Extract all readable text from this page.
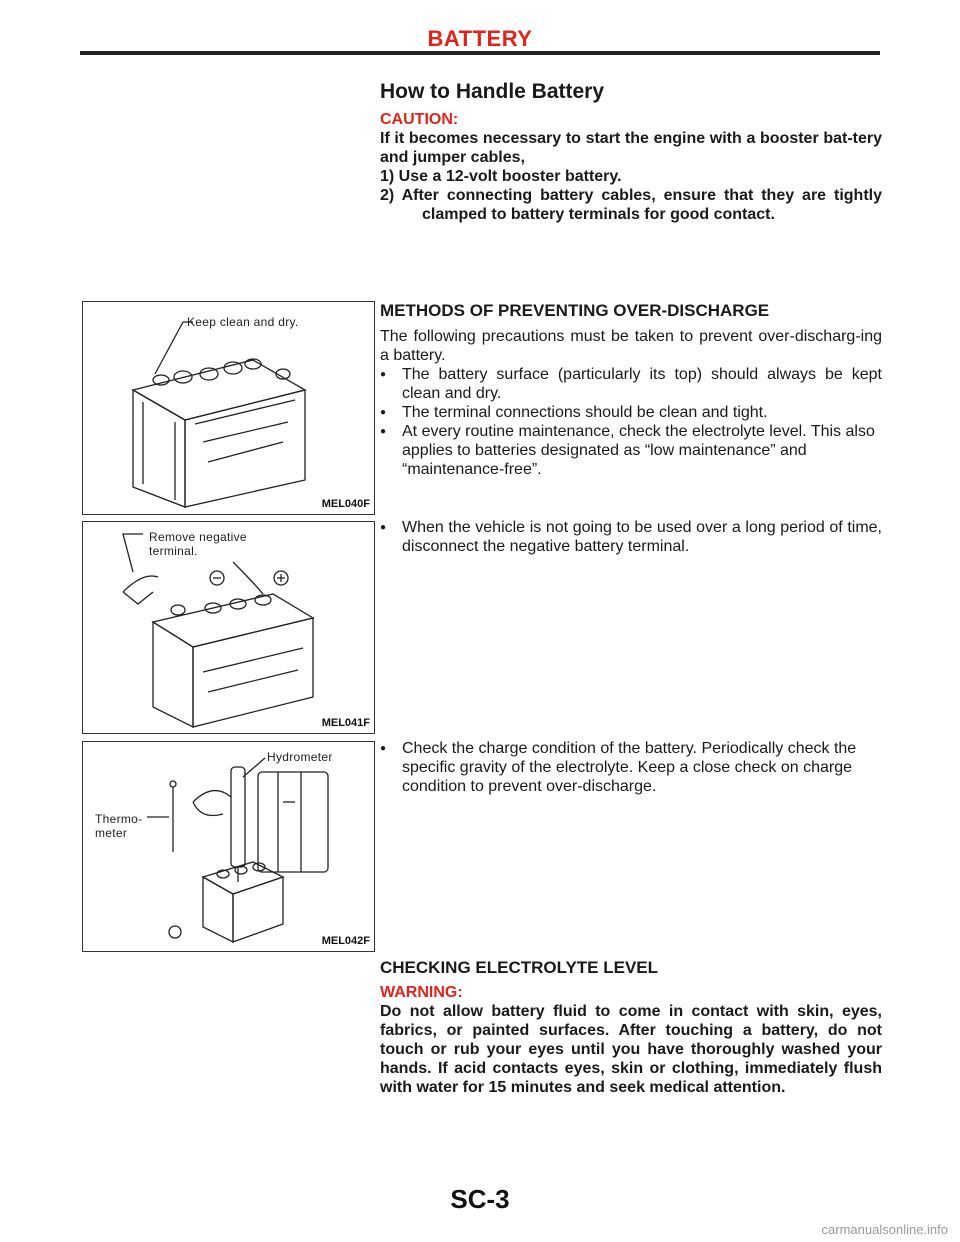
BATTERY
How to Handle Battery
CAUTION:
If it becomes necessary to start the engine with a booster bat-tery and jumper cables,
1) Use a 12-volt booster battery.
2) After connecting battery cables, ensure that they are tightly clamped to battery terminals for good contact.
METHODS OF PREVENTING OVER-DISCHARGE
The following precautions must be taken to prevent over-discharg-ing a battery.
● The battery surface (particularly its top) should always be kept clean and dry.
● The terminal connections should be clean and tight.
● At every routine maintenance, check the electrolyte level. This also applies to batteries designated as “low maintenance” and “maintenance-free”.
● When the vehicle is not going to be used over a long period of time, disconnect the negative battery terminal.
● Check the charge condition of the battery. Periodically check the specific gravity of the electrolyte. Keep a close check on charge condition to prevent over-discharge.
CHECKING ELECTROLYTE LEVEL
WARNING:
Do not allow battery fluid to come in contact with skin, eyes, fabrics, or painted surfaces. After touching a battery, do not touch or rub your eyes until you have thoroughly washed your hands. If acid contacts eyes, skin or clothing, immediately flush with water for 15 minutes and seek medical attention.
Keep clean and dry.
MEL040F
Remove negative
terminal.
MEL041F
Hydrometer
Thermo-
meter
MEL042F
SC-3
carmanualsonline.info
